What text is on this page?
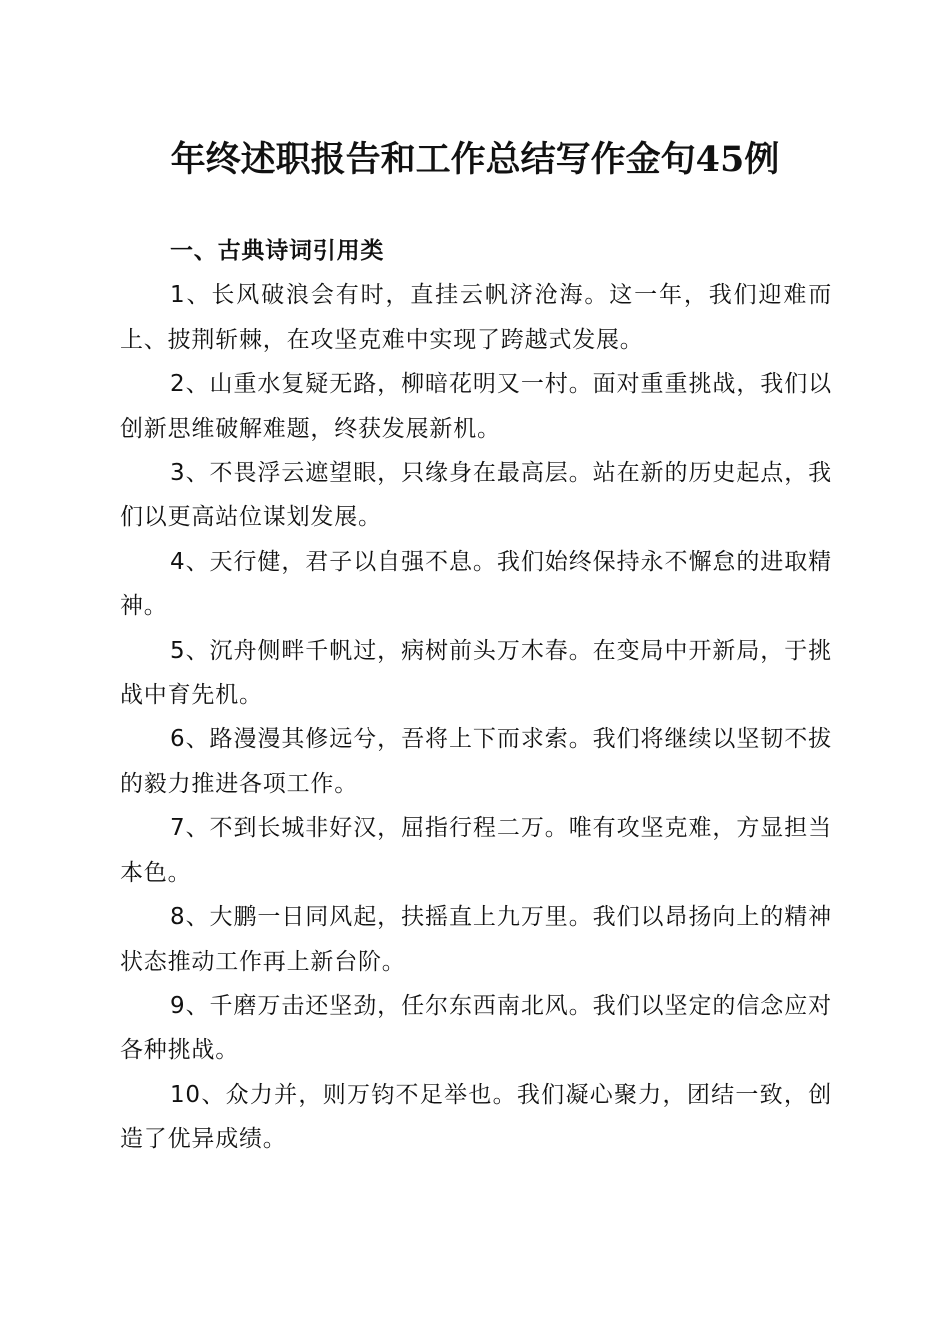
年终述职报告和工作总结写作金句45例

一、古典诗词引用类

1、长风破浪会有时，直挂云帆济沧海。这一年，我们迎难而上、披荆斩棘，在攻坚克难中实现了跨越式发展。

2、山重水复疑无路，柳暗花明又一村。面对重重挑战，我们以创新思维破解难题，终获发展新机。

3、不畏浮云遮望眼，只缘身在最高层。站在新的历史起点，我们以更高站位谋划发展。

4、天行健，君子以自强不息。我们始终保持永不懈怠的进取精神。

5、沉舟侧畔千帆过，病树前头万木春。在变局中开新局，于挑战中育先机。

6、路漫漫其修远兮，吾将上下而求索。我们将继续以坚韧不拔的毅力推进各项工作。

7、不到长城非好汉，屈指行程二万。唯有攻坚克难，方显担当本色。

8、大鹏一日同风起，扶摇直上九万里。我们以昂扬向上的精神状态推动工作再上新台阶。

9、千磨万击还坚劲，任尔东西南北风。我们以坚定的信念应对各种挑战。

10、众力并，则万钧不足举也。我们凝心聚力，团结一致，创造了优异成绩。
